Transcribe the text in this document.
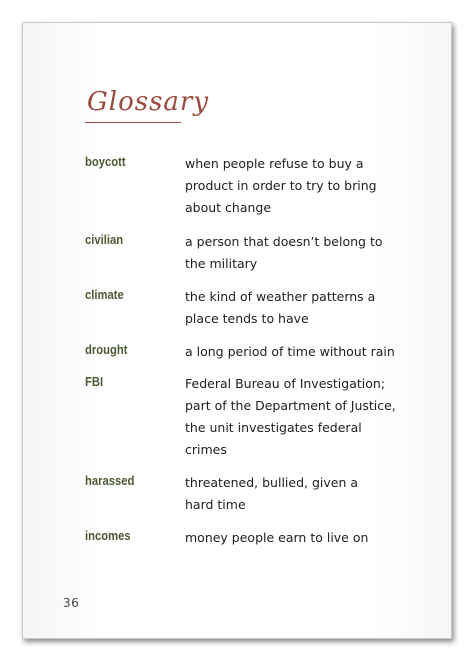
Glossary
boycott	when people refuse to buy a
product in order to try to bring
about change
civilian	a person that doesn’t belong to
the military
climate	the kind of weather patterns a
place tends to have
drought	a long period of time without rain
FBI	Federal Bureau of Investigation;
part of the Department of Justice,
the unit investigates federal
crimes
harassed	threatened, bullied, given a
hard time
incomes	money people earn to live on
36
